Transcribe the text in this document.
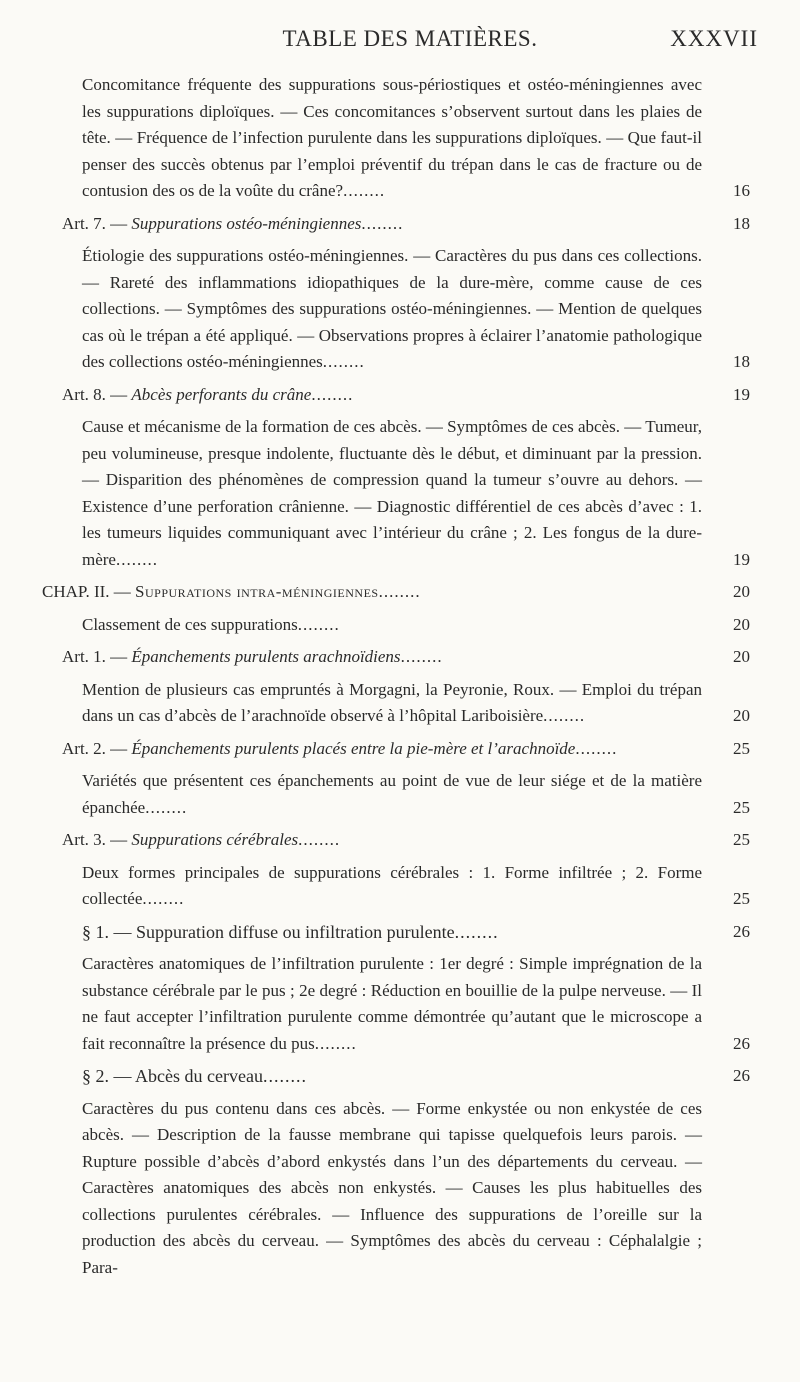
TABLE DES MATIÈRES.	XXXVII
Concomitance fréquente des suppurations sous-périostiques et ostéo-méningiennes avec les suppurations diploïques. — Ces concomitances s’observent surtout dans les plaies de tête. — Fréquence de l’infection purulente dans les suppurations diploïques. — Que faut-il penser des succès obtenus par l’emploi préventif du trépan dans le cas de fracture ou de contusion des os de la voûte du crâne?........	16
Art. 7. — Suppurations ostéo-méningiennes........	18
Étiologie des suppurations ostéo-méningiennes. — Caractères du pus dans ces collections. — Rareté des inflammations idiopathiques de la dure-mère, comme cause de ces collections. — Symptômes des suppurations ostéo-méningiennes. — Mention de quelques cas où le trépan a été appliqué. — Observations propres à éclairer l’anatomie pathologique des collections ostéo-méningiennes........	18
Art. 8. — Abcès perforants du crâne........	19
Cause et mécanisme de la formation de ces abcès. — Symptômes de ces abcès. — Tumeur, peu volumineuse, presque indolente, fluctuante dès le début, et diminuant par la pression. — Disparition des phénomènes de compression quand la tumeur s’ouvre au dehors. — Existence d’une perforation crânienne. — Diagnostic différentiel de ces abcès d’avec : 1. les tumeurs liquides communiquant avec l’intérieur du crâne ; 2. Les fongus de la dure-mère........	19
CHAP. II. — Suppurations intra-méningiennes........	20
Classement de ces suppurations........	20
Art. 1. — Épanchements purulents arachnoïdiens........	20
Mention de plusieurs cas empruntés à Morgagni, la Peyronie, Roux. — Emploi du trépan dans un cas d’abcès de l’arachnoïde observé à l’hôpital Lariboisière........	20
Art. 2. — Épanchements purulents placés entre la pie-mère et l’arachnoïde........	25
Variétés que présentent ces épanchements au point de vue de leur siége et de la matière épanchée........	25
Art. 3. — Suppurations cérébrales........	25
Deux formes principales de suppurations cérébrales : 1. Forme infiltrée ; 2. Forme collectée........	25
§ 1. — Suppuration diffuse ou infiltration purulente........	26
Caractères anatomiques de l’infiltration purulente : 1er degré : Simple imprégnation de la substance cérébrale par le pus ; 2e degré : Réduction en bouillie de la pulpe nerveuse. — Il ne faut accepter l’infiltration purulente comme démontrée qu’autant que le microscope a fait reconnaître la présence du pus........	26
§ 2. — Abcès du cerveau........	26
Caractères du pus contenu dans ces abcès. — Forme enkystée ou non enkystée de ces abcès. — Description de la fausse membrane qui tapisse quelquefois leurs parois. — Rupture possible d’abcès d’abord enkystés dans l’un des départements du cerveau. — Caractères anatomiques des abcès non enkystés. — Causes les plus habituelles des collections purulentes cérébrales. — Influence des suppurations de l’oreille sur la production des abcès du cerveau. — Symptômes des abcès du cerveau : Céphalalgie ; Para-
